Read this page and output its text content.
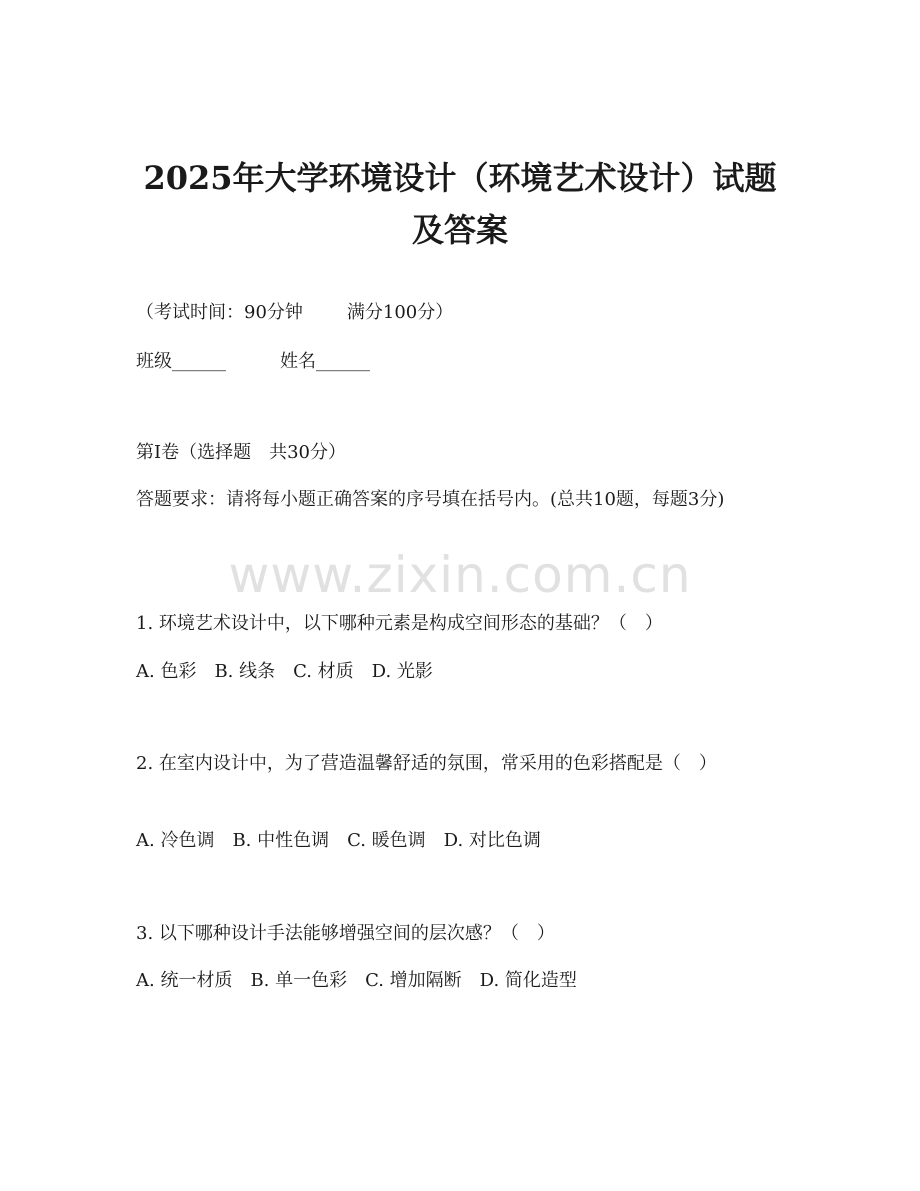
2025年大学环境设计（环境艺术设计）试题
及答案

（考试时间：90分钟 满分100分）

班级______	姓名______

第Ⅰ卷（选择题　共30分）

答题要求：请将每小题正确答案的序号填在括号内。(总共10题，每题3分)

www.zixin.com.cn

1. 环境艺术设计中，以下哪种元素是构成空间形态的基础？（　）

A. 色彩　B. 线条　C. 材质　D. 光影

2. 在室内设计中，为了营造温馨舒适的氛围，常采用的色彩搭配是（　）

A. 冷色调　B. 中性色调　C. 暖色调　D. 对比色调

3. 以下哪种设计手法能够增强空间的层次感？（　）

A. 统一材质　B. 单一色彩　C. 增加隔断　D. 简化造型
